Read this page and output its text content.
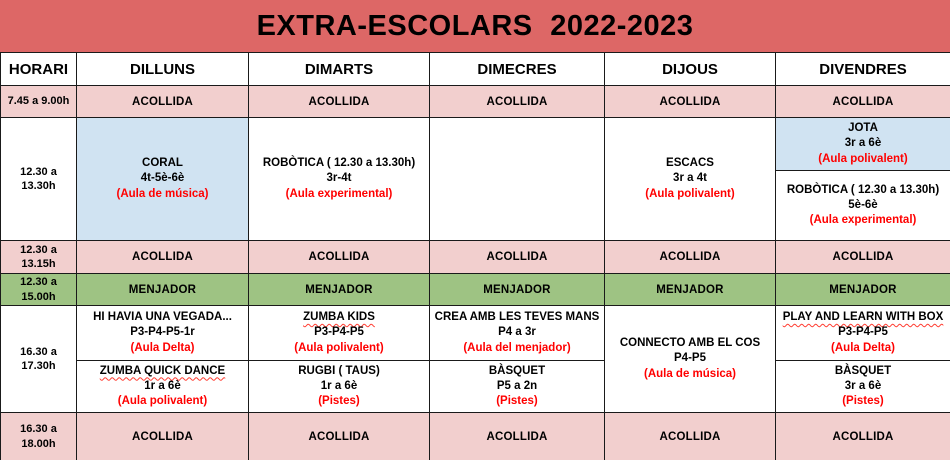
EXTRA-ESCOLARS 2022-2023
HORARI	DILLUNS	DIMARTS	DIMECRES	DIJOUS	DIVENDRES
7.45 a 9.00h	ACOLLIDA	ACOLLIDA	ACOLLIDA	ACOLLIDA	ACOLLIDA
12.30 a 13.30h	CORAL
4t-5è-6è
(Aula de música)	ROBÒTICA ( 12.30 a 13.30h)
3r-4t
(Aula experimental)		ESCACS
3r a 4t
(Aula polivalent)	JOTA
3r a 6è
(Aula polivalent)

					ROBÒTICA ( 12.30 a 13.30h)
5è-6è
(Aula experimental)

12.30 a 13.15h	ACOLLIDA	ACOLLIDA	ACOLLIDA	ACOLLIDA	ACOLLIDA
12.30 a 15.00h	MENJADOR	MENJADOR	MENJADOR	MENJADOR	MENJADOR
16.30 a 17.30h	HI HAVIA UNA VEGADA...
P3-P4-P5-1r
(Aula Delta)	ZUMBA KIDS
P3-P4-P5
(Aula polivalent)	CREA AMB LES TEVES MANS
P4 a 3r
(Aula del menjador)	CONNECTO AMB EL COS
P4-P5
(Aula de música)	PLAY AND LEARN WITH BOX
P3-P4-P5
(Aula Delta)

	ZUMBA QUICK DANCE
1r a 6è
(Aula polivalent)	RUGBI ( TAUS)
1r a 6è
(Pistes)	BÀSQUET
P5 a 2n
(Pistes)		BÀSQUET
3r a 6è
(Pistes)

16.30 a 18.00h	ACOLLIDA	ACOLLIDA	ACOLLIDA	ACOLLIDA	ACOLLIDA
